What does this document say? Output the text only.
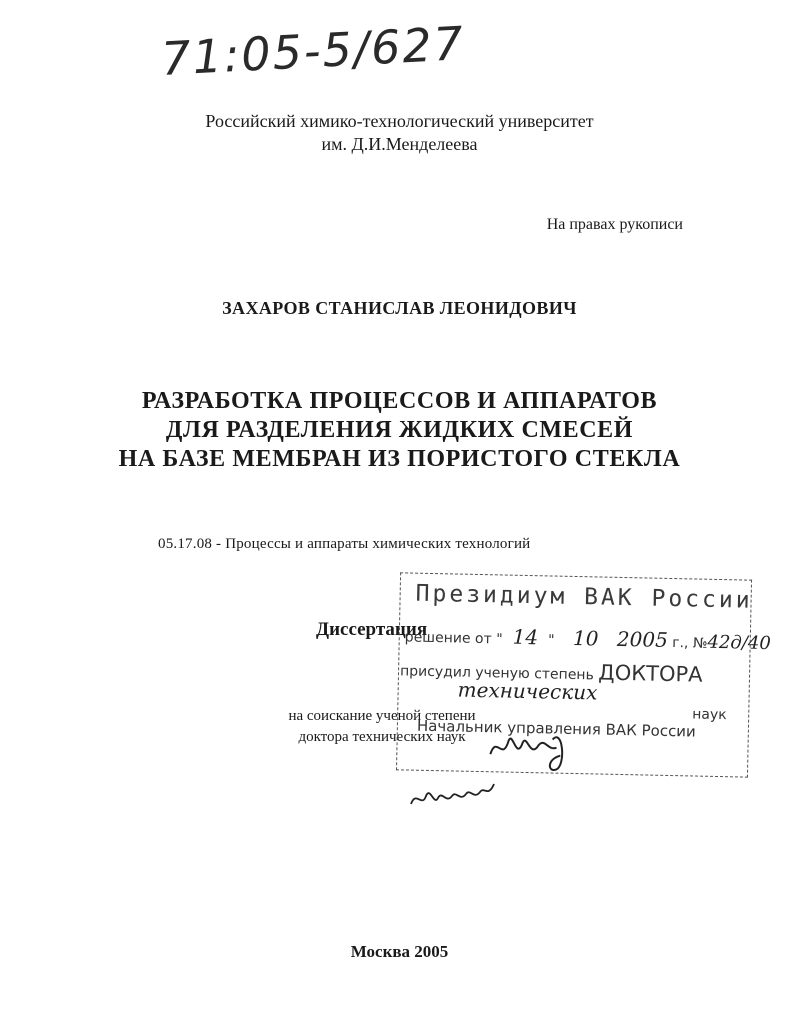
71:05-5/627
Российский химико-технологический университет
им. Д.И.Менделеева
На правах рукописи
ЗАХАРОВ СТАНИСЛАВ ЛЕОНИДОВИЧ
РАЗРАБОТКА ПРОЦЕССОВ И АППАРАТОВ
ДЛЯ РАЗДЕЛЕНИЯ ЖИДКИХ СМЕСЕЙ
НА БАЗЕ МЕМБРАН ИЗ ПОРИСТОГО СТЕКЛА
05.17.08 - Процессы и аппараты химических технологий
Диссертация
на соискание ученой степени
доктора технических наук
Президиум ВАК России
решение от " 14 " 10 2005 г., №42д/40
присудил ученую степень ДОКТОРА
технических
наук
Начальник управления ВАК России
Москва 2005
